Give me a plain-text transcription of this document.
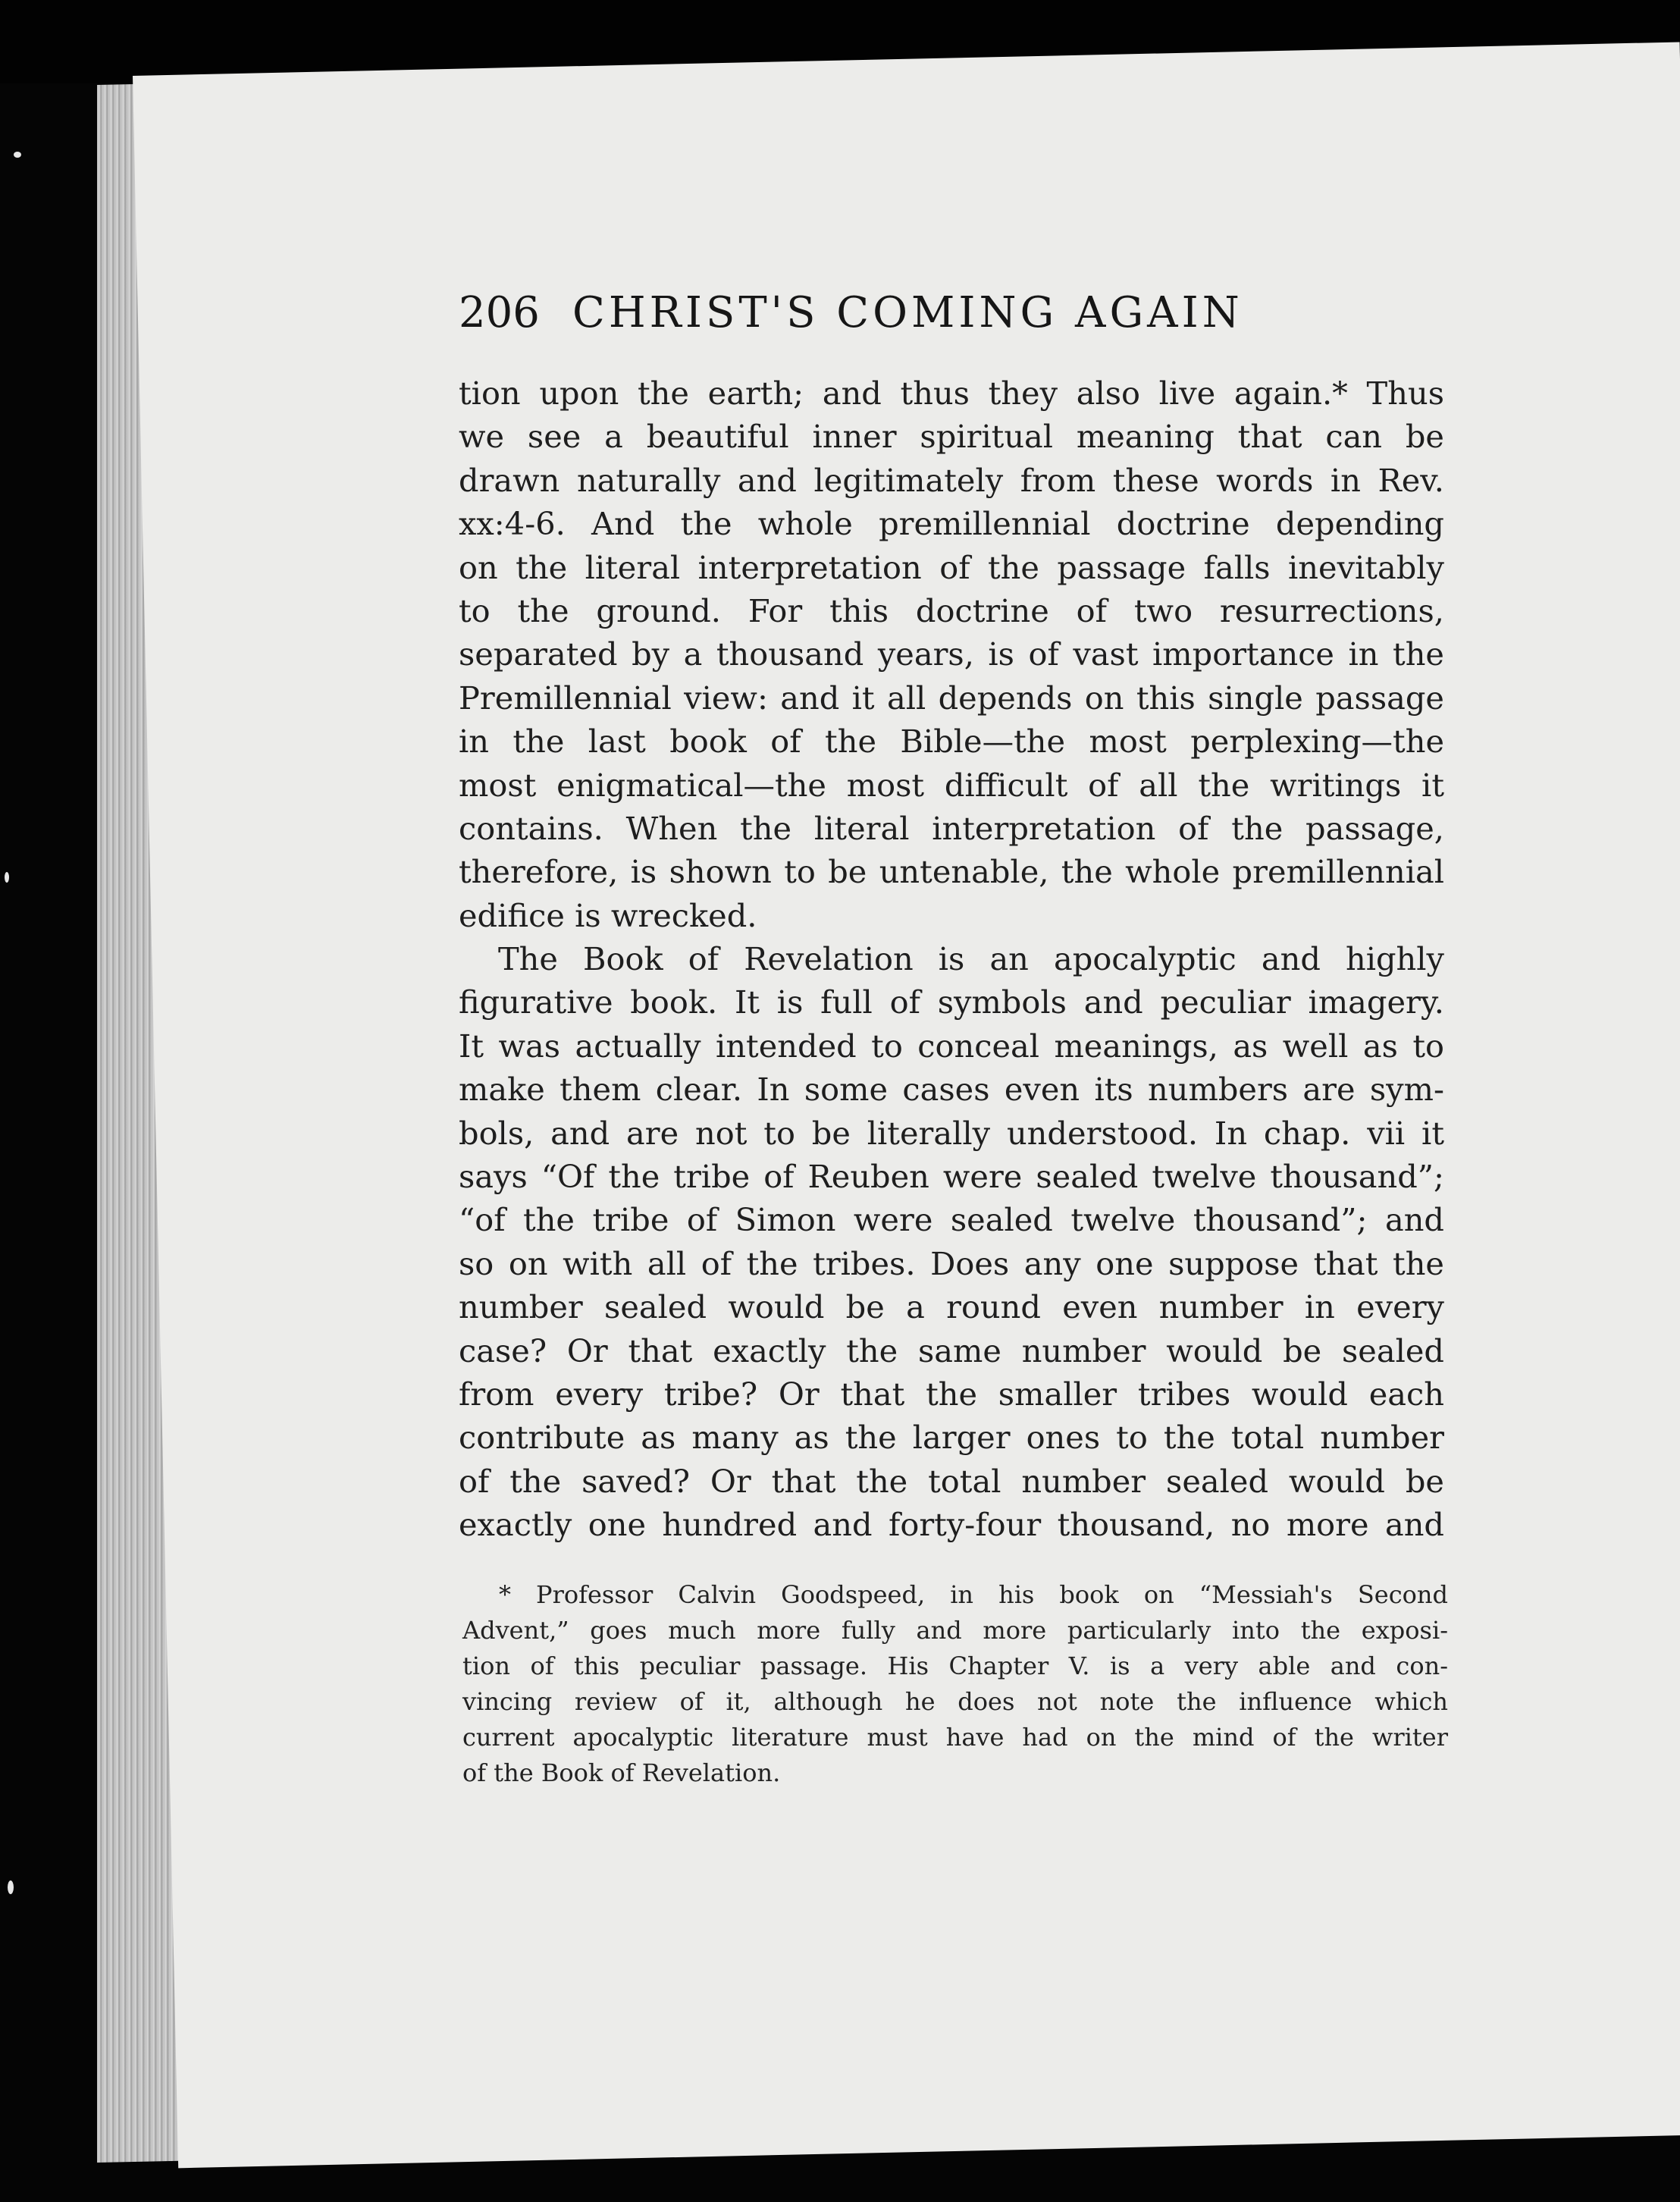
206 CHRIST'S COMING AGAIN
tion upon the earth; and thus they also live again.* Thus
we see a beautiful inner spiritual meaning that can be
drawn naturally and legitimately from these words in Rev.
xx:4-6. And the whole premillennial doctrine depending
on the literal interpretation of the passage falls inevitably
to the ground. For this doctrine of two resurrections,
separated by a thousand years, is of vast importance in the
Premillennial view: and it all depends on this single passage
in the last book of the Bible—the most perplexing—the
most enigmatical—the most difficult of all the writings it
contains. When the literal interpretation of the passage,
therefore, is shown to be untenable, the whole premillennial
edifice is wrecked.
The Book of Revelation is an apocalyptic and highly
figurative book. It is full of symbols and peculiar imagery.
It was actually intended to conceal meanings, as well as to
make them clear. In some cases even its numbers are sym-
bols, and are not to be literally understood. In chap. vii it
says “Of the tribe of Reuben were sealed twelve thousand”;
“of the tribe of Simon were sealed twelve thousand”; and
so on with all of the tribes. Does any one suppose that the
number sealed would be a round even number in every
case? Or that exactly the same number would be sealed
from every tribe? Or that the smaller tribes would each
contribute as many as the larger ones to the total number
of the saved? Or that the total number sealed would be
exactly one hundred and forty-four thousand, no more and
* Professor Calvin Goodspeed, in his book on “Messiah's Second
Advent,” goes much more fully and more particularly into the exposi-
tion of this peculiar passage. His Chapter V. is a very able and con-
vincing review of it, although he does not note the influence which
current apocalyptic literature must have had on the mind of the writer
of the Book of Revelation.
